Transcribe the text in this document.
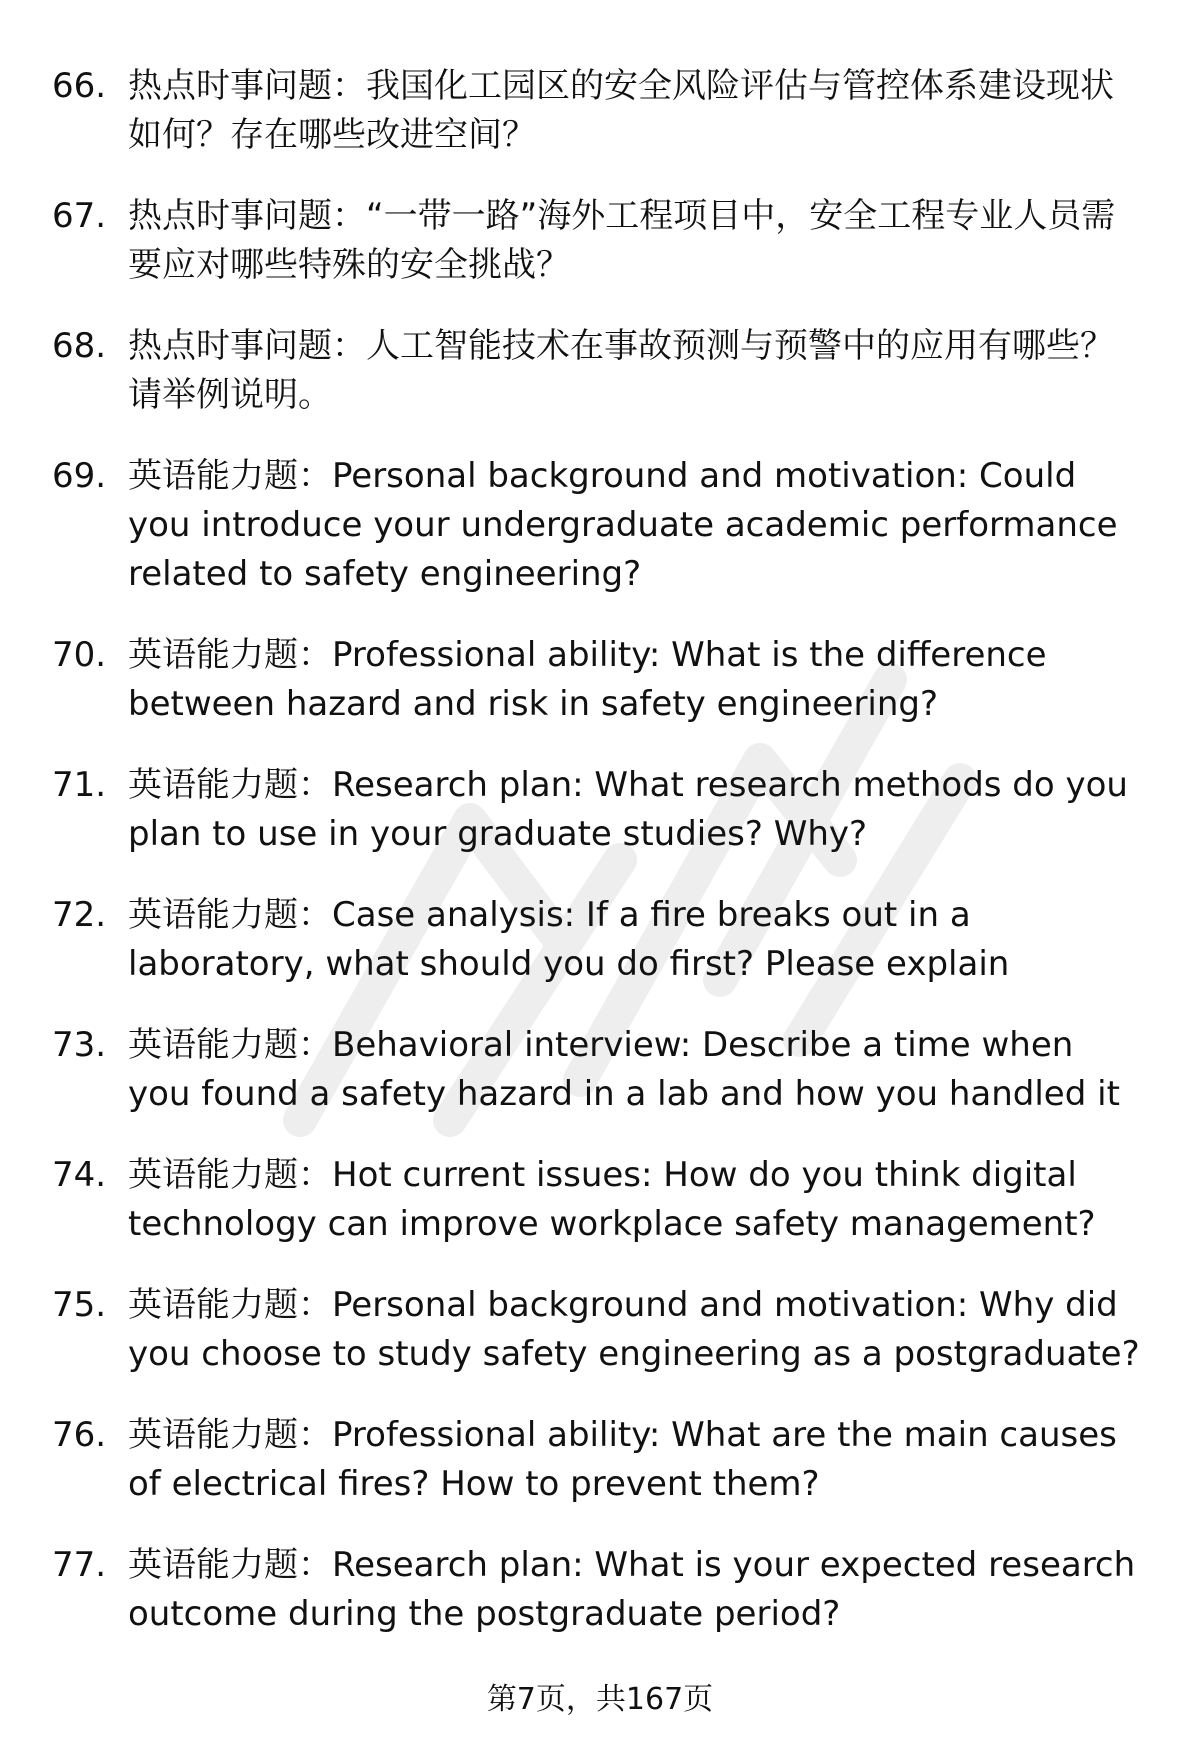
66. 热点时事问题：我国化工园区的安全风险评估与管控体系建设现状如何？存在哪些改进空间？
67. 热点时事问题：“一带一路”海外工程项目中，安全工程专业人员需要应对哪些特殊的安全挑战？
68. 热点时事问题：人工智能技术在事故预测与预警中的应用有哪些？请举例说明。
69. 英语能力题：Personal background and motivation: Could you introduce your undergraduate academic performance related to safety engineering?
70. 英语能力题：Professional ability: What is the difference between hazard and risk in safety engineering?
71. 英语能力题：Research plan: What research methods do you plan to use in your graduate studies? Why?
72. 英语能力题：Case analysis: If a fire breaks out in a laboratory, what should you do first? Please explain
73. 英语能力题：Behavioral interview: Describe a time when you found a safety hazard in a lab and how you handled it
74. 英语能力题：Hot current issues: How do you think digital technology can improve workplace safety management?
75. 英语能力题：Personal background and motivation: Why did you choose to study safety engineering as a postgraduate?
76. 英语能力题：Professional ability: What are the main causes of electrical fires? How to prevent them?
77. 英语能力题：Research plan: What is your expected research outcome during the postgraduate period?
第7页，共167页
